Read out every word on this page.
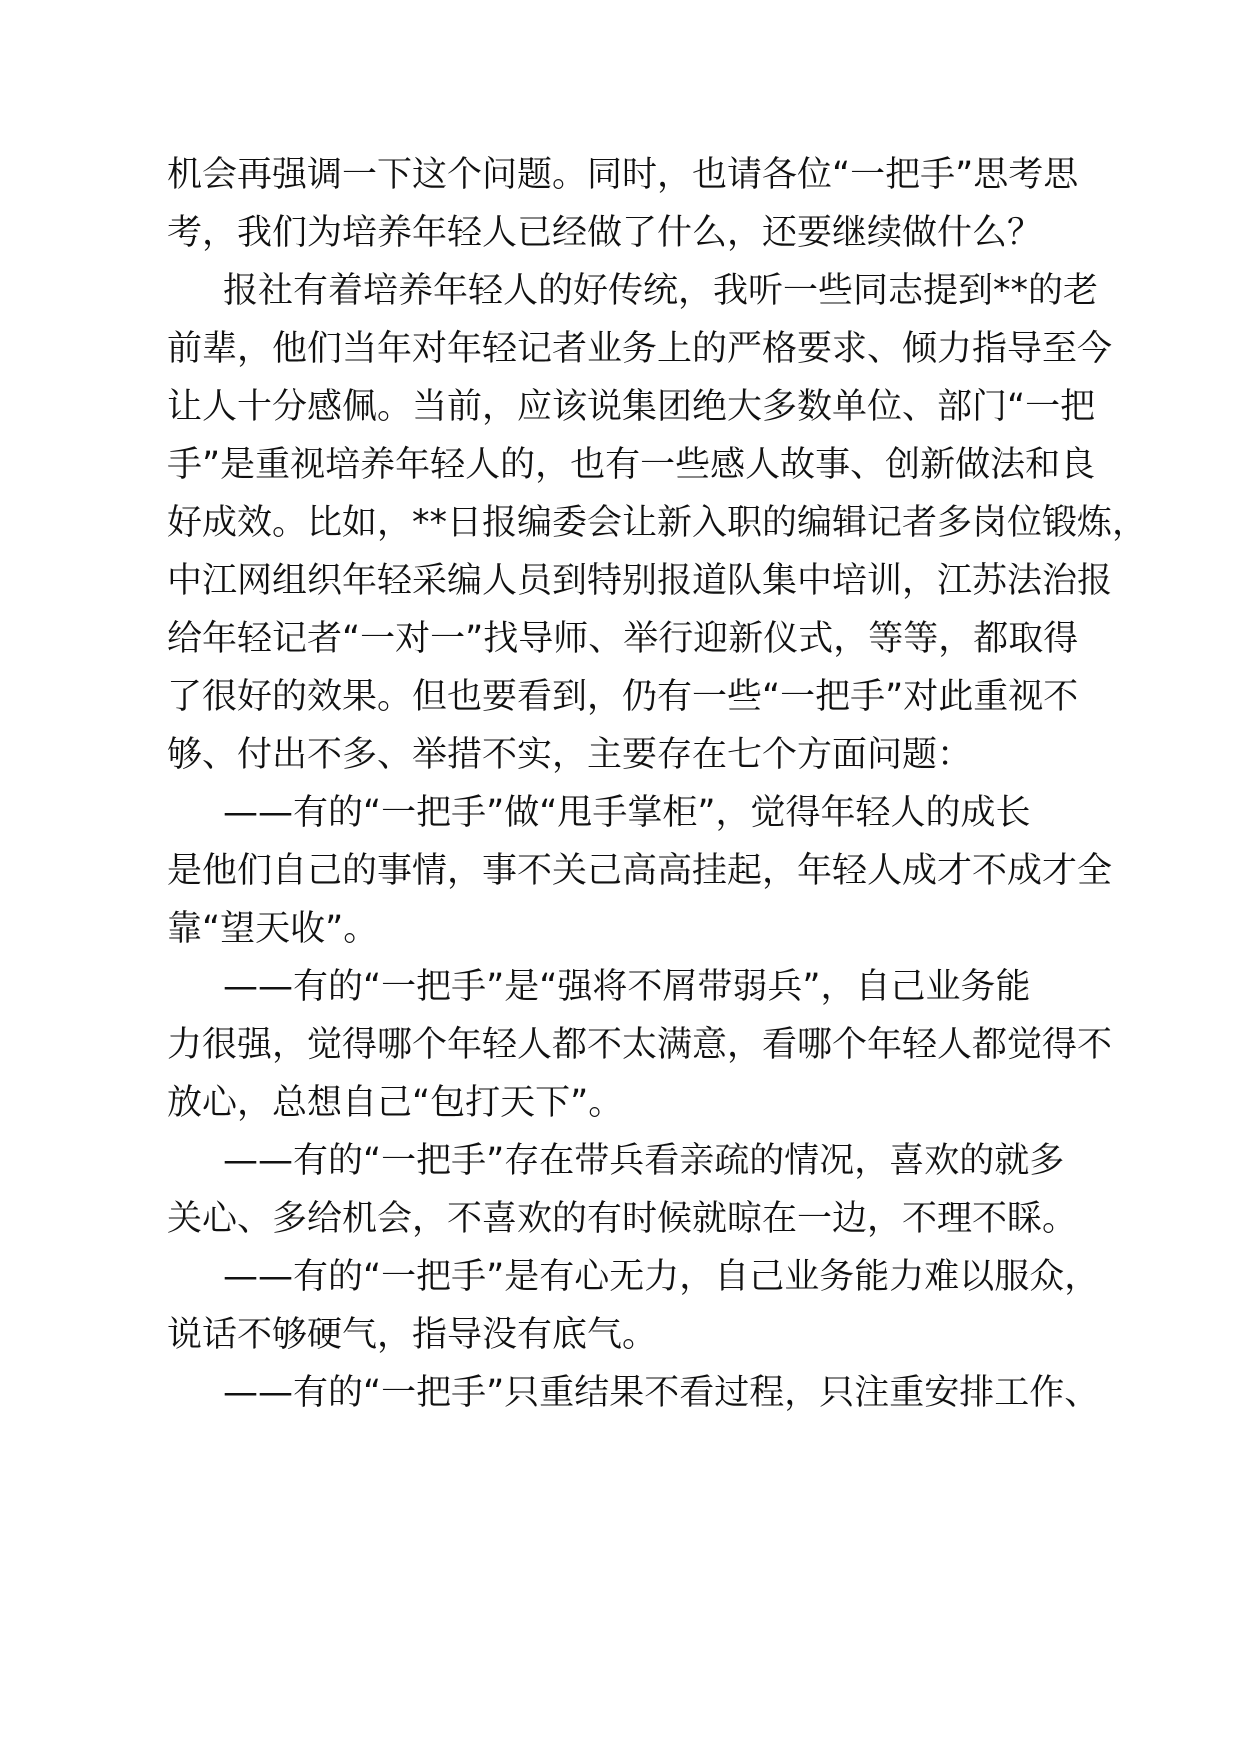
机会再强调一下这个问题。同时，也请各位“一把手”思考思
考，我们为培养年轻人已经做了什么，还要继续做什么？
报社有着培养年轻人的好传统，我听一些同志提到**的老
前辈，他们当年对年轻记者业务上的严格要求、倾力指导至今
让人十分感佩。当前，应该说集团绝大多数单位、部门“一把
手”是重视培养年轻人的，也有一些感人故事、创新做法和良
好成效。比如，**日报编委会让新入职的编辑记者多岗位锻炼，
中江网组织年轻采编人员到特别报道队集中培训，江苏法治报
给年轻记者“一对一”找导师、举行迎新仪式，等等，都取得
了很好的效果。但也要看到，仍有一些“一把手”对此重视不
够、付出不多、举措不实，主要存在七个方面问题：
——有的“一把手”做“甩手掌柜”，觉得年轻人的成长
是他们自己的事情，事不关己高高挂起，年轻人成才不成才全
靠“望天收”。
——有的“一把手”是“强将不屑带弱兵”，自己业务能
力很强，觉得哪个年轻人都不太满意，看哪个年轻人都觉得不
放心，总想自己“包打天下”。
——有的“一把手”存在带兵看亲疏的情况，喜欢的就多
关心、多给机会，不喜欢的有时候就晾在一边，不理不睬。
——有的“一把手”是有心无力，自己业务能力难以服众，
说话不够硬气，指导没有底气。
——有的“一把手”只重结果不看过程，只注重安排工作、
